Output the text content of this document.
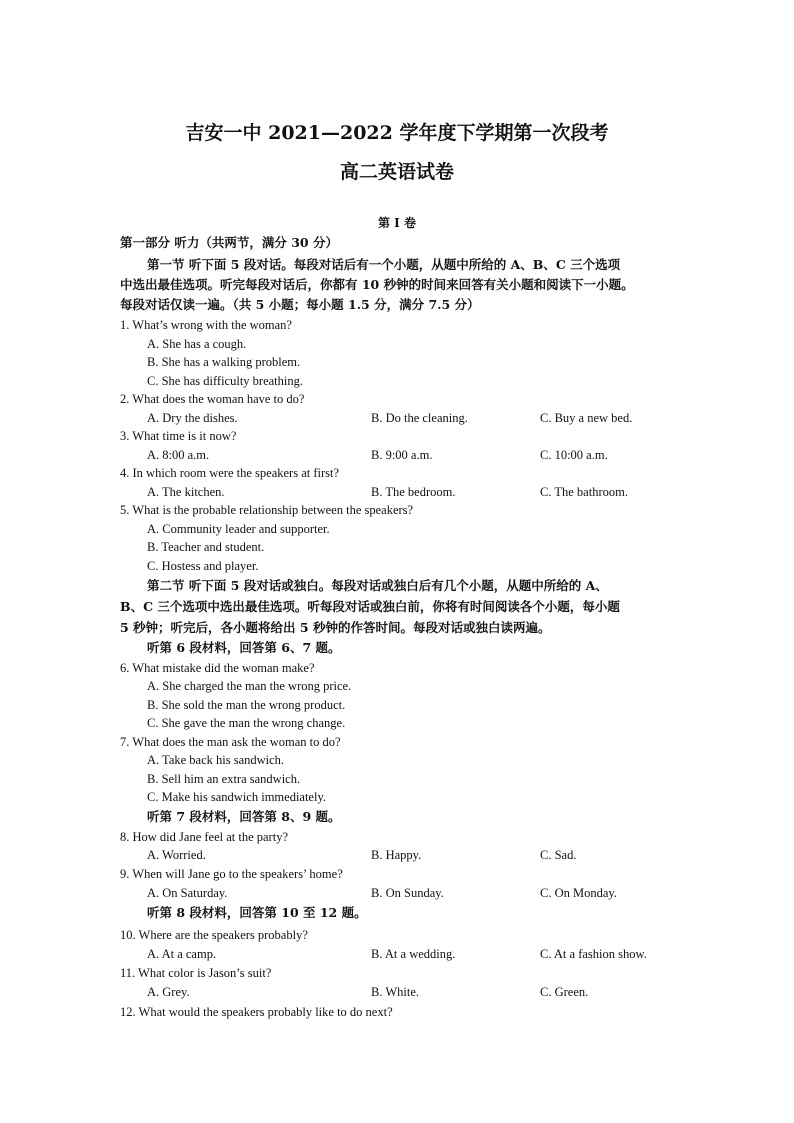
吉安一中 2021—2022 学年度下学期第一次段考
高二英语试卷
第 I 卷
第一部分 听力（共两节，满分 30 分）
第一节 听下面 5 段对话。每段对话后有一个小题，从题中所给的 A、B、C 三个选项
中选出最佳选项。听完每段对话后，你都有 10 秒钟的时间来回答有关小题和阅读下一小题。
每段对话仅读一遍。（共 5 小题；每小题 1.5 分，满分 7.5 分）
1. What’s wrong with the woman?
A. She has a cough.
B. She has a walking problem.
C. She has difficulty breathing.
2. What does the woman have to do?
A. Dry the dishes.	B. Do the cleaning.	C. Buy a new bed.
3. What time is it now?
A. 8:00 a.m.	B. 9:00 a.m.	C. 10:00 a.m.
4. In which room were the speakers at first?
A. The kitchen.	B. The bedroom.	C. The bathroom.
5. What is the probable relationship between the speakers?
A. Community leader and supporter.
B. Teacher and student.
C. Hostess and player.
第二节 听下面 5 段对话或独白。每段对话或独白后有几个小题，从题中所给的 A、
B、C 三个选项中选出最佳选项。听每段对话或独白前，你将有时间阅读各个小题，每小题
5 秒钟；听完后，各小题将给出 5 秒钟的作答时间。每段对话或独白读两遍。
听第 6 段材料，回答第 6、7 题。
6. What mistake did the woman make?
A. She charged the man the wrong price.
B. She sold the man the wrong product.
C. She gave the man the wrong change.
7. What does the man ask the woman to do?
A. Take back his sandwich.
B. Sell him an extra sandwich.
C. Make his sandwich immediately.
听第 7 段材料，回答第 8、9 题。
8. How did Jane feel at the party?
A. Worried.	B. Happy.	C. Sad.
9. When will Jane go to the speakers’ home?
A. On Saturday.	B. On Sunday.	C. On Monday.
听第 8 段材料，回答第 10 至 12 题。
10. Where are the speakers probably?
A. At a camp.	B. At a wedding.	C. At a fashion show.
11. What color is Jason’s suit?
A. Grey.	B. White.	C. Green.
12. What would the speakers probably like to do next?
